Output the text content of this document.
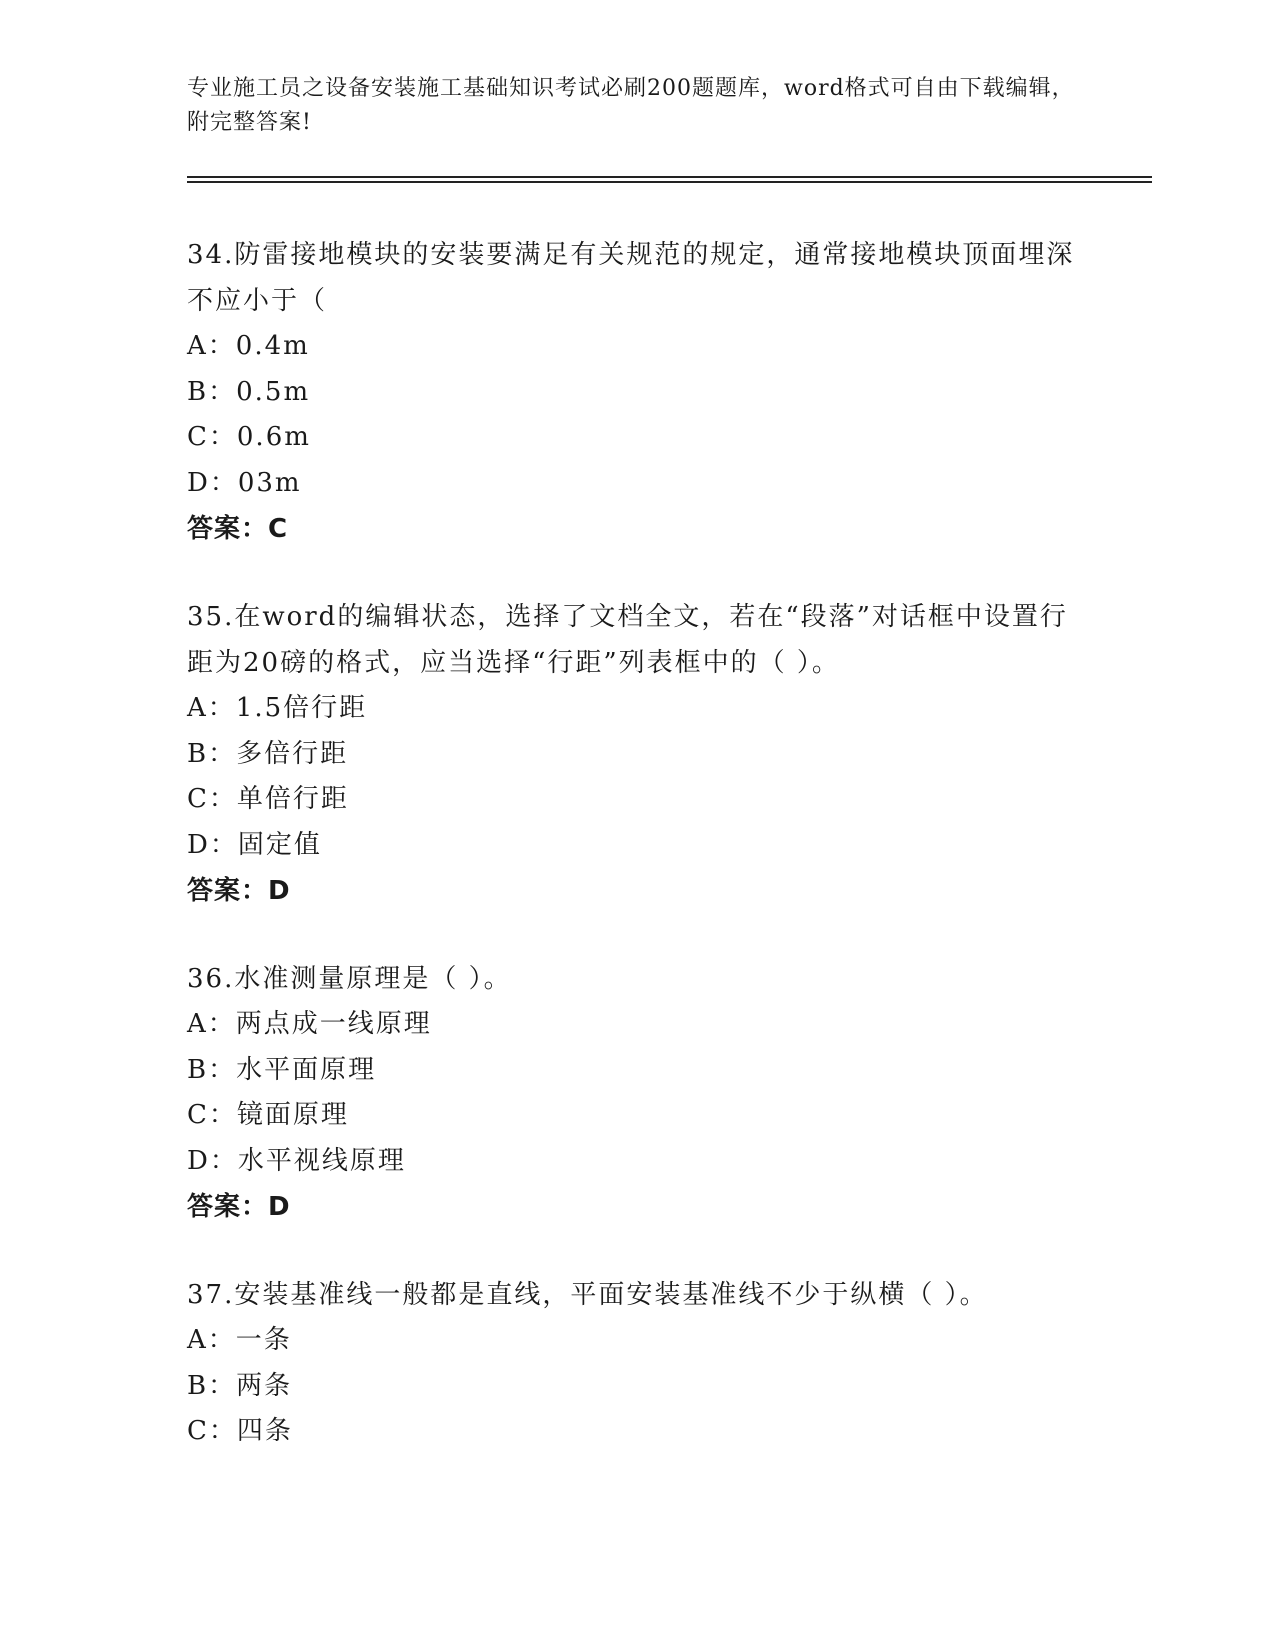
专业施工员之设备安装施工基础知识考试必刷200题题库，word格式可自由下载编辑，附完整答案!
34.防雷接地模块的安装要满足有关规范的规定，通常接地模块顶面埋深不应小于（
A：0.4m
B：0.5m
C：0.6m
D：03m
答案：C
35.在word的编辑状态，选择了文档全文，若在“段落”对话框中设置行距为20磅的格式，应当选择“行距”列表框中的（ ）。
A：1.5倍行距
B：多倍行距
C：单倍行距
D：固定值
答案：D
36.水准测量原理是（ ）。
A：两点成一线原理
B：水平面原理
C：镜面原理
D：水平视线原理
答案：D
37.安装基准线一般都是直线，平面安装基准线不少于纵横（ ）。
A：一条
B：两条
C：四条
